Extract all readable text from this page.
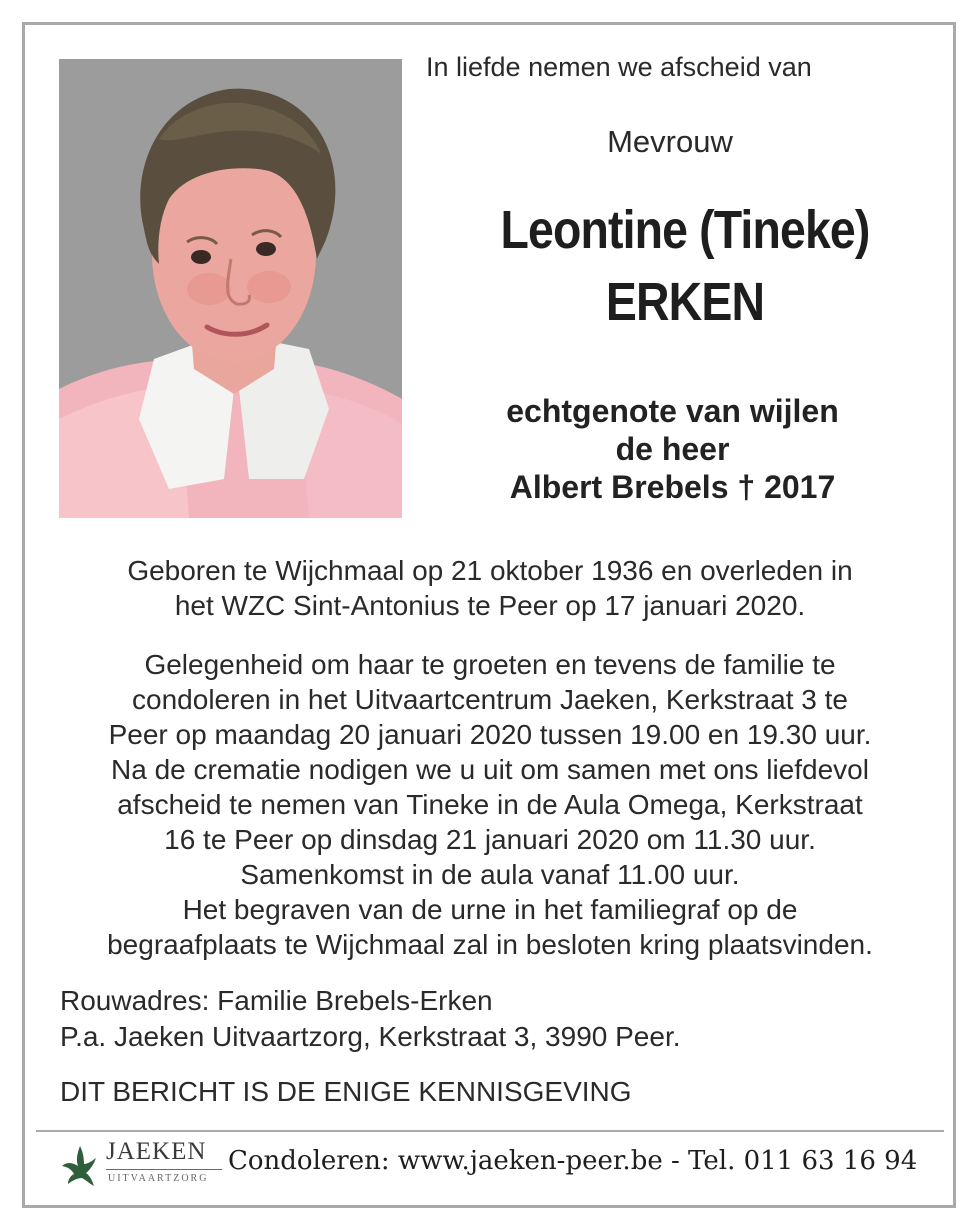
In liefde nemen we afscheid van
Mevrouw
Leontine (Tineke)
ERKEN
echtgenote van wijlen
de heer
Albert Brebels † 2017
Geboren te Wijchmaal op 21 oktober 1936 en overleden in
het WZC Sint-Antonius te Peer op 17 januari 2020.
Gelegenheid om haar te groeten en tevens de familie te
condoleren in het Uitvaartcentrum Jaeken, Kerkstraat 3 te
Peer op maandag 20 januari 2020 tussen 19.00 en 19.30 uur.
Na de crematie nodigen we u uit om samen met ons liefdevol
afscheid te nemen van Tineke in de Aula Omega, Kerkstraat
16 te Peer op dinsdag 21 januari 2020 om 11.30 uur.
Samenkomst in de aula vanaf 11.00 uur.
Het begraven van de urne in het familiegraf op de
begraafplaats te Wijchmaal zal in besloten kring plaatsvinden.
Rouwadres: Familie Brebels-Erken
P.a. Jaeken Uitvaartzorg, Kerkstraat 3, 3990 Peer.
DIT BERICHT IS DE ENIGE KENNISGEVING
JAEKEN
UITVAARTZORG
Condoleren: www.jaeken-peer.be - Tel. 011 63 16 94
